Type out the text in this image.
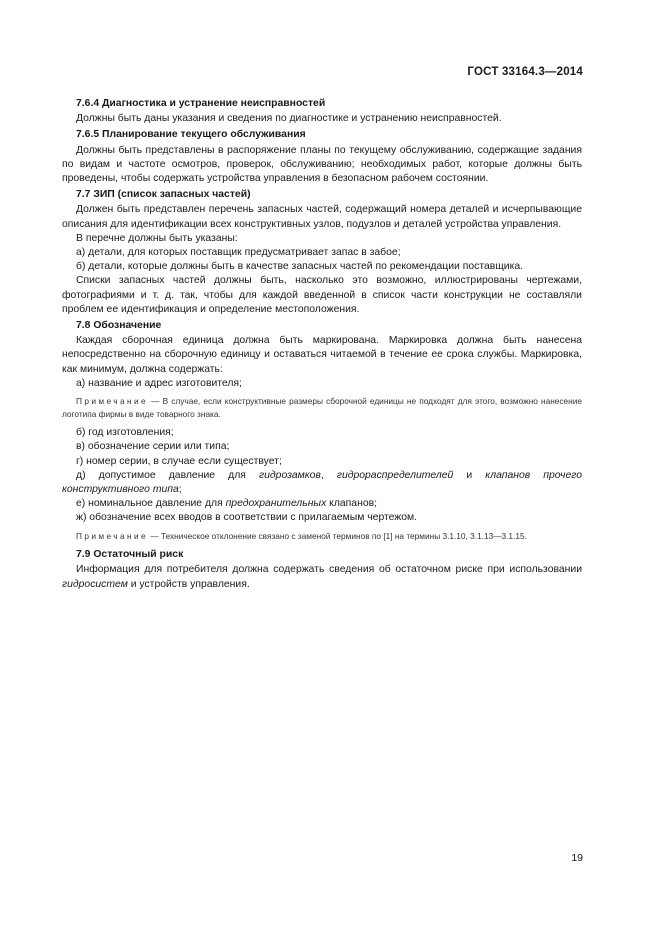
ГОСТ 33164.3—2014
7.6.4 Диагностика и устранение неисправностей

Должны быть даны указания и сведения по диагностике и устранению неисправностей.

7.6.5 Планирование текущего обслуживания

Должны быть представлены в распоряжение планы по текущему обслуживанию, содержащие задания по видам и частоте осмотров, проверок, обслуживанию; необходимых работ, которые должны быть проведены, чтобы содержать устройства управления в безопасном рабочем состоянии.

7.7 ЗИП (список запасных частей)

Должен быть представлен перечень запасных частей, содержащий номера деталей и исчерпывающие описания для идентификации всех конструктивных узлов, подузлов и деталей устройства управления.

В перечне должны быть указаны:

а) детали, для которых поставщик предусматривает запас в забое;

б) детали, которые должны быть в качестве запасных частей по рекомендации поставщика.

Списки запасных частей должны быть, насколько это возможно, иллюстрированы чертежами, фотографиями и т. д. так, чтобы для каждой введенной в список части конструкции не составляли проблем ее идентификация и определение местоположения.

7.8 Обозначение

Каждая сборочная единица должна быть маркирована. Маркировка должна быть нанесена непосредственно на сборочную единицу и оставаться читаемой в течение ее срока службы. Маркировка, как минимум, должна содержать:

а) название и адрес изготовителя;

Примечание — В случае, если конструктивные размеры сборочной единицы не подходят для этого, возможно нанесение логотипа фирмы в виде товарного знака.

б) год изготовления;

в) обозначение серии или типа;

г) номер серии, в случае если существует;

д) допустимое давление для гидрозамков, гидрораспределителей и клапанов прочего конструктивного типа;

е) номинальное давление для предохранительных клапанов;

ж) обозначение всех вводов в соответствии с прилагаемым чертежом.

Примечание — Техническое отклонение связано с заменой терминов по [1] на термины 3.1.10, 3.1.13—3.1.15.

7.9 Остаточный риск

Информация для потребителя должна содержать сведения об остаточном риске при использовании гидросистем и устройств управления.

19
